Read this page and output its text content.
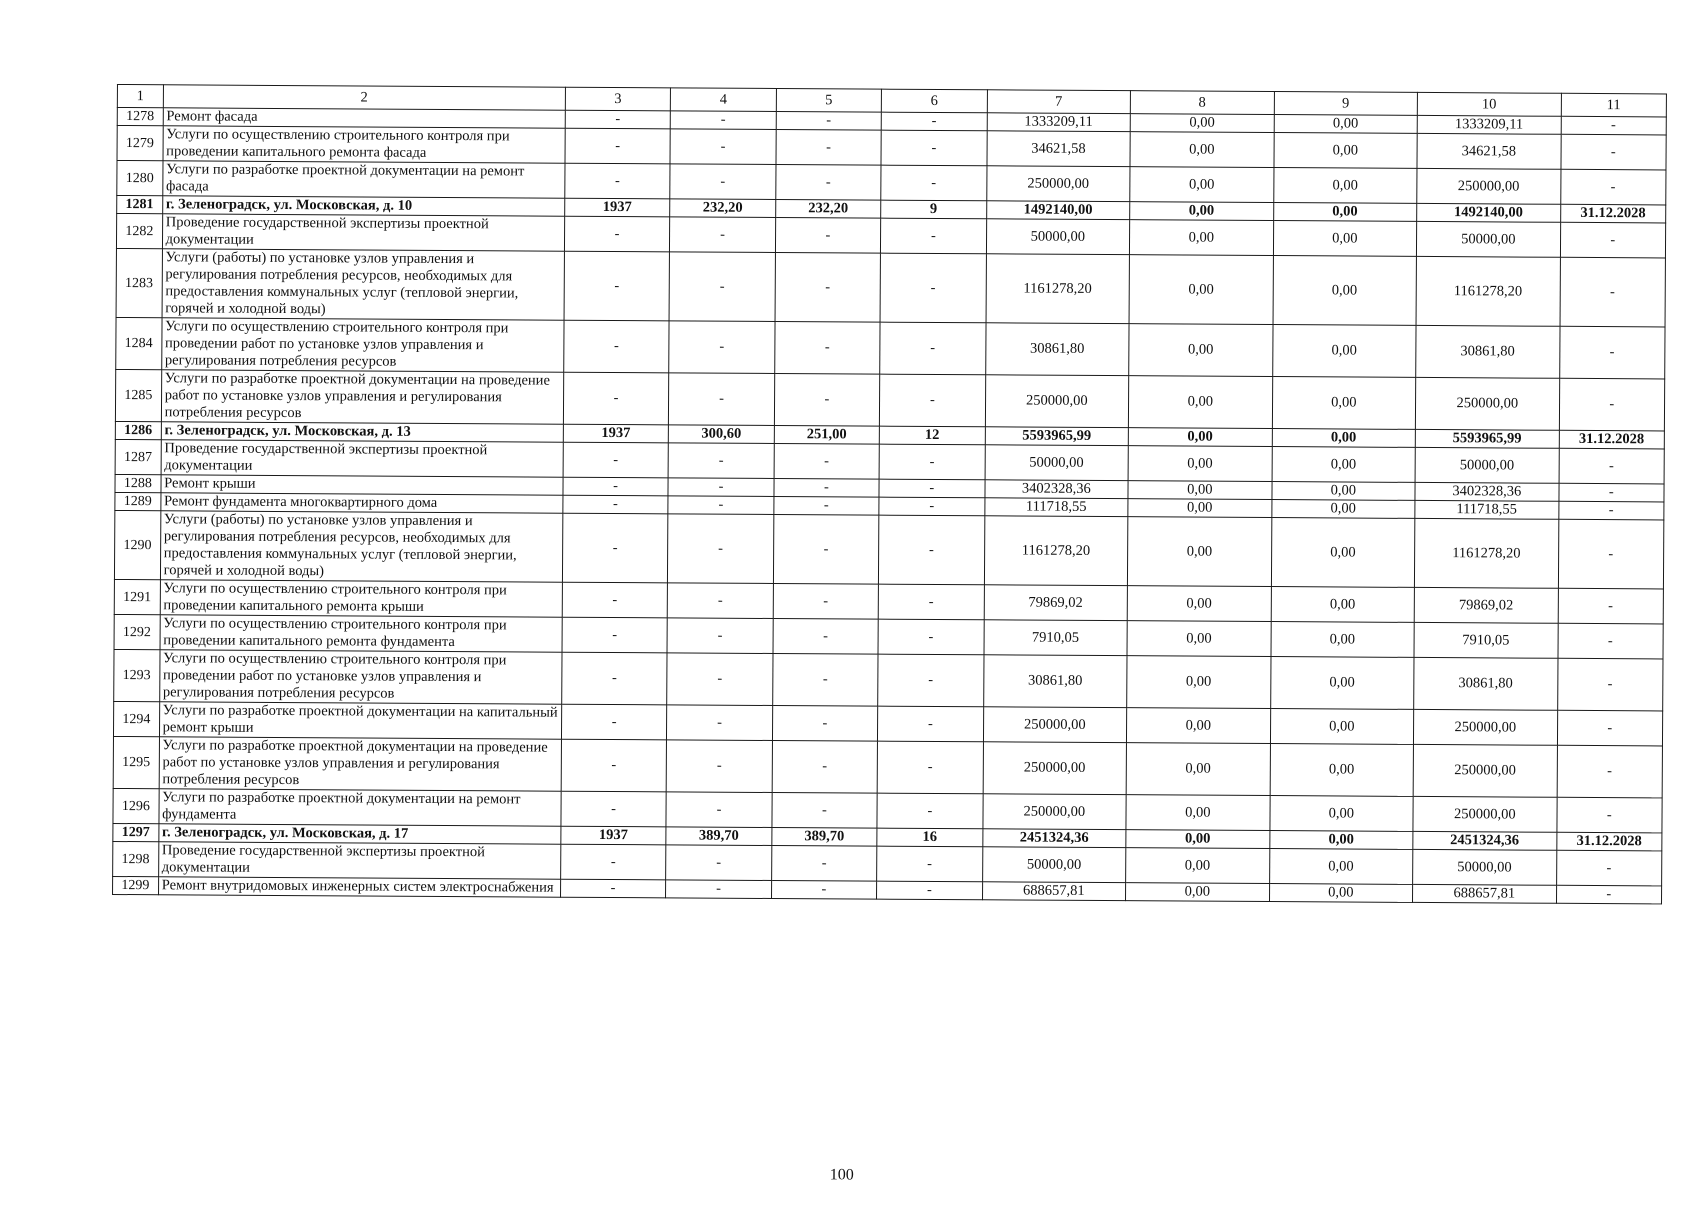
1	2	3	4	5	6	7	8	9	10	11
1278	Ремонт фасада	-	-	-	-	1333209,11	0,00	0,00	1333209,11	-
1279	Услуги по осуществлению строительного контроля при проведении капитального ремонта фасада	-	-	-	-	34621,58	0,00	0,00	34621,58	-
1280	Услуги по разработке проектной документации на ремонт фасада	-	-	-	-	250000,00	0,00	0,00	250000,00	-
1281	г. Зеленоградск, ул. Московская, д. 10	1937	232,20	232,20	9	1492140,00	0,00	0,00	1492140,00	31.12.2028
1282	Проведение государственной экспертизы проектной документации	-	-	-	-	50000,00	0,00	0,00	50000,00	-
1283	Услуги (работы) по установке узлов управления и регулирования потребления ресурсов, необходимых для предоставления коммунальных услуг (тепловой энергии, горячей и холодной воды)	-	-	-	-	1161278,20	0,00	0,00	1161278,20	-
1284	Услуги по осуществлению строительного контроля при проведении работ по установке узлов управления и регулирования потребления ресурсов	-	-	-	-	30861,80	0,00	0,00	30861,80	-
1285	Услуги по разработке проектной документации на проведение работ по установке узлов управления и регулирования потребления ресурсов	-	-	-	-	250000,00	0,00	0,00	250000,00	-
1286	г. Зеленоградск, ул. Московская, д. 13	1937	300,60	251,00	12	5593965,99	0,00	0,00	5593965,99	31.12.2028
1287	Проведение государственной экспертизы проектной документации	-	-	-	-	50000,00	0,00	0,00	50000,00	-
1288	Ремонт крыши	-	-	-	-	3402328,36	0,00	0,00	3402328,36	-
1289	Ремонт фундамента многоквартирного дома	-	-	-	-	111718,55	0,00	0,00	111718,55	-
1290	Услуги (работы) по установке узлов управления и регулирования потребления ресурсов, необходимых для предоставления коммунальных услуг (тепловой энергии, горячей и холодной воды)	-	-	-	-	1161278,20	0,00	0,00	1161278,20	-
1291	Услуги по осуществлению строительного контроля при проведении капитального ремонта крыши	-	-	-	-	79869,02	0,00	0,00	79869,02	-
1292	Услуги по осуществлению строительного контроля при проведении капитального ремонта фундамента	-	-	-	-	7910,05	0,00	0,00	7910,05	-
1293	Услуги по осуществлению строительного контроля при проведении работ по установке узлов управления и регулирования потребления ресурсов	-	-	-	-	30861,80	0,00	0,00	30861,80	-
1294	Услуги по разработке проектной документации на капитальный ремонт крыши	-	-	-	-	250000,00	0,00	0,00	250000,00	-
1295	Услуги по разработке проектной документации на проведение работ по установке узлов управления и регулирования потребления ресурсов	-	-	-	-	250000,00	0,00	0,00	250000,00	-
1296	Услуги по разработке проектной документации на ремонт фундамента	-	-	-	-	250000,00	0,00	0,00	250000,00	-
1297	г. Зеленоградск, ул. Московская, д. 17	1937	389,70	389,70	16	2451324,36	0,00	0,00	2451324,36	31.12.2028
1298	Проведение государственной экспертизы проектной документации	-	-	-	-	50000,00	0,00	0,00	50000,00	-
1299	Ремонт внутридомовых инженерных систем электроснабжения	-	-	-	-	688657,81	0,00	0,00	688657,81	-
100
